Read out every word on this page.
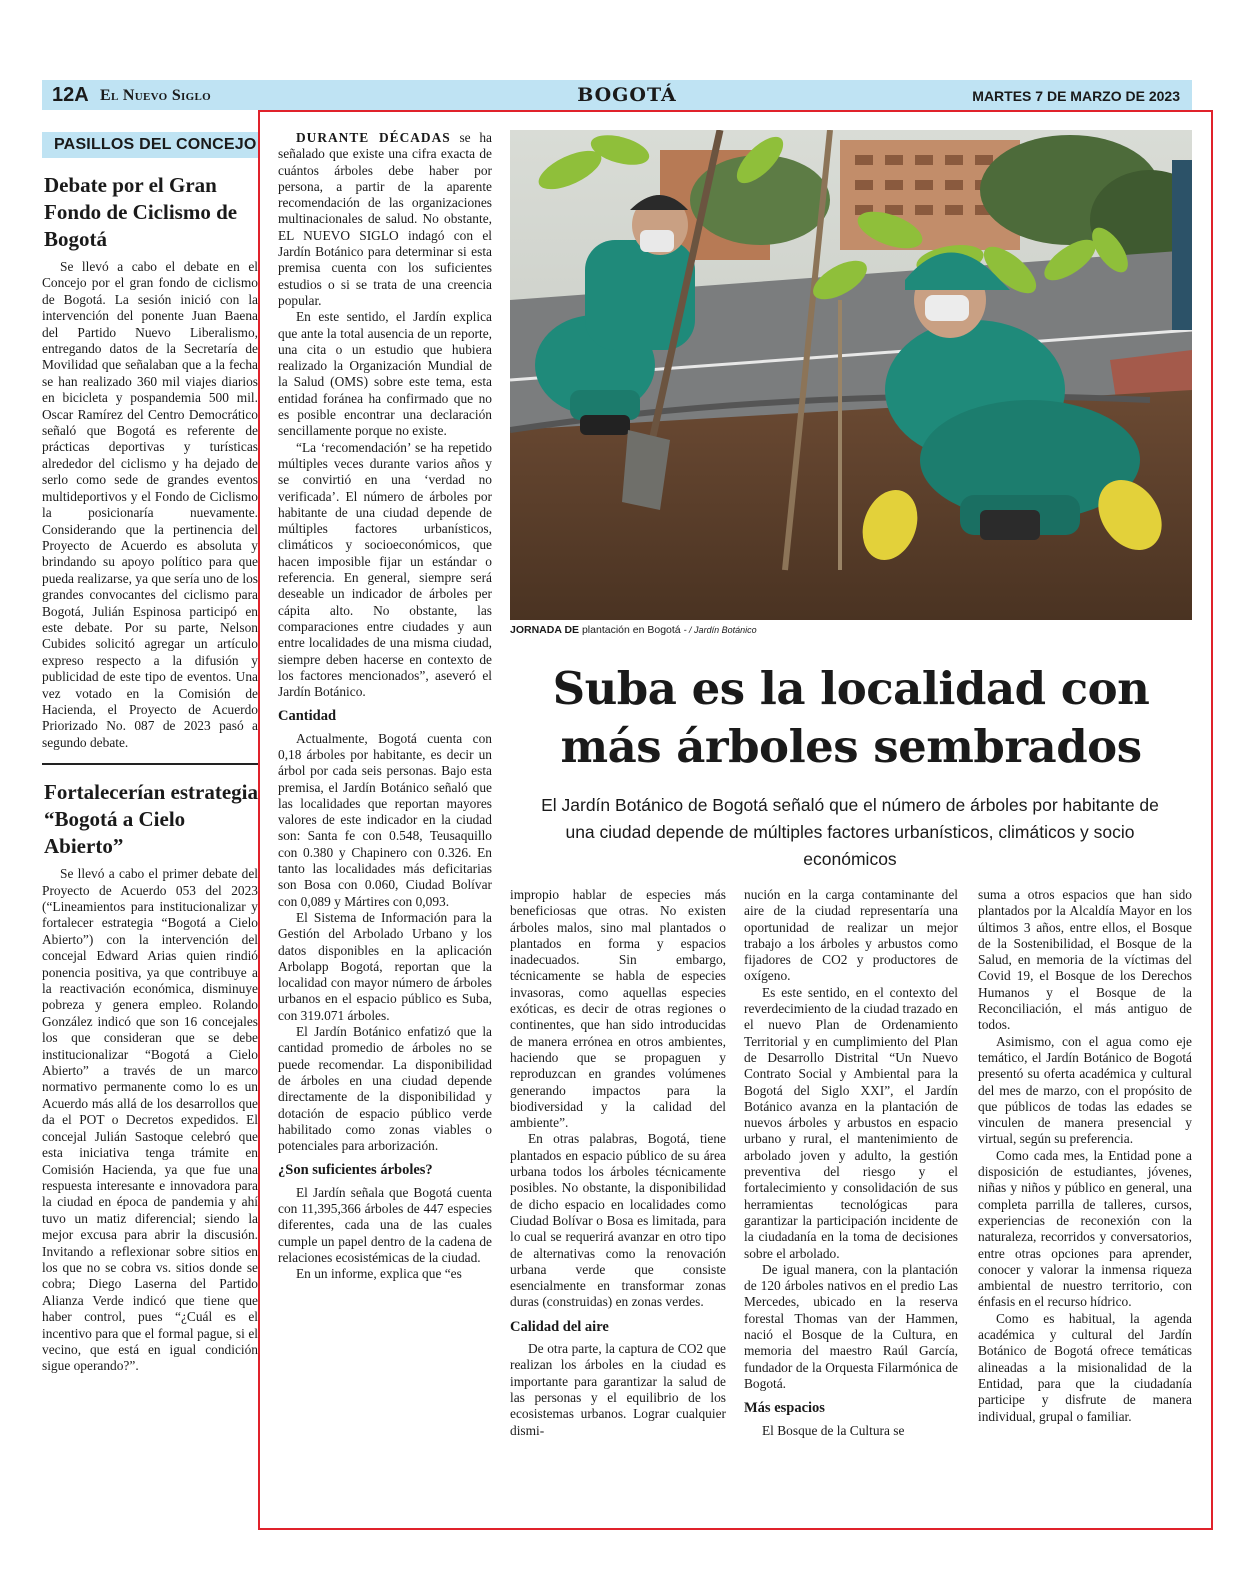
12A El Nuevo Siglo	BOGOTÁ	MARTES 7 DE MARZO DE 2023
PASILLOS DEL CONCEJO
Debate por el Gran Fondo de Ciclismo de Bogotá

Se llevó a cabo el debate en el Concejo por el gran fondo de ciclismo de Bogotá. La sesión inició con la intervención del ponente Juan Baena del Partido Nuevo Liberalismo, entregando datos de la Secretaría de Movilidad que señalaban que a la fecha se han realizado 360 mil viajes diarios en bicicleta y pospandemia 500 mil. Oscar Ramírez del Centro Democrático señaló que Bogotá es referente de prácticas deportivas y turísticas alrededor del ciclismo y ha dejado de serlo como sede de grandes eventos multideportivos y el Fondo de Ciclismo la posicionaría nuevamente. Considerando que la pertinencia del Proyecto de Acuerdo es absoluta y brindando su apoyo político para que pueda realizarse, ya que sería uno de los grandes convocantes del ciclismo para Bogotá, Julián Espinosa participó en este debate. Por su parte, Nelson Cubides solicitó agregar un artículo expreso respecto a la difusión y publicidad de este tipo de eventos. Una vez votado en la Comisión de Hacienda, el Proyecto de Acuerdo Priorizado No. 087 de 2023 pasó a segundo debate.

Fortalecerían estrategia “Bogotá a Cielo Abierto”

Se llevó a cabo el primer debate del Proyecto de Acuerdo 053 del 2023 (“Lineamientos para institucionalizar y fortalecer estrategia “Bogotá a Cielo Abierto”) con la intervención del concejal Edward Arias quien rindió ponencia positiva, ya que contribuye a la reactivación económica, disminuye pobreza y genera empleo. Rolando González indicó que son 16 concejales los que consideran que se debe institucionalizar “Bogotá a Cielo Abierto” a través de un marco normativo permanente como lo es un Acuerdo más allá de los desarrollos que da el POT o Decretos expedidos. El concejal Julián Sastoque celebró que esta iniciativa tenga trámite en Comisión Hacienda, ya que fue una respuesta interesante e innovadora para la ciudad en época de pandemia y ahí tuvo un matiz diferencial; siendo la mejor excusa para abrir la discusión. Invitando a reflexionar sobre sitios en los que no se cobra vs. sitios donde se cobra; Diego Laserna del Partido Alianza Verde indicó que tiene que haber control, pues “¿Cuál es el incentivo para que el formal pague, si el vecino, que está en igual condición sigue operando?”.

JORNADA DE plantación en Bogotá - / Jardín Botánico
Suba es la localidad con más árboles sembrados
El Jardín Botánico de Bogotá señaló que el número de árboles por habitante de una ciudad depende de múltiples factores urbanísticos, climáticos y socio económicos

DURANTE DÉCADAS se ha señalado que existe una cifra exacta de cuántos árboles debe haber por persona, a partir de la aparente recomendación de las organizaciones multinacionales de salud. No obstante, EL NUEVO SIGLO indagó con el Jardín Botánico para determinar si esta premisa cuenta con los suficientes estudios o si se trata de una creencia popular.

En este sentido, el Jardín explica que ante la total ausencia de un reporte, una cita o un estudio que hubiera realizado la Organización Mundial de la Salud (OMS) sobre este tema, esta entidad foránea ha confirmado que no es posible encontrar una declaración sencillamente porque no existe.

“La ‘recomendación’ se ha repetido múltiples veces durante varios años y se convirtió en una ‘verdad no verificada’. El número de árboles por habitante de una ciudad depende de múltiples factores urbanísticos, climáticos y socioeconómicos, que hacen imposible fijar un estándar o referencia. En general, siempre será deseable un indicador de árboles per cápita alto. No obstante, las comparaciones entre ciudades y aun entre localidades de una misma ciudad, siempre deben hacerse en contexto de los factores mencionados”, aseveró el Jardín Botánico.

Cantidad

Actualmente, Bogotá cuenta con 0,18 árboles por habitante, es decir un árbol por cada seis personas. Bajo esta premisa, el Jardín Botánico señaló que las localidades que reportan mayores valores de este indicador en la ciudad son: Santa fe con 0.548, Teusaquillo con 0.380 y Chapinero con 0.326. En tanto las localidades más deficitarias son Bosa con 0.060, Ciudad Bolívar con 0,089 y Mártires con 0,093.

El Sistema de Información para la Gestión del Arbolado Urbano y los datos disponibles en la aplicación Arbolapp Bogotá, reportan que la localidad con mayor número de árboles urbanos en el espacio público es Suba, con 319.071 árboles.

El Jardín Botánico enfatizó que la cantidad promedio de árboles no se puede recomendar. La disponibilidad de árboles en una ciudad depende directamente de la disponibilidad y dotación de espacio público verde habilitado como zonas viables o potenciales para arborización.

¿Son suficientes árboles?

El Jardín señala que Bogotá cuenta con 11,395,366 árboles de 447 especies diferentes, cada una de las cuales cumple un papel dentro de la cadena de relaciones ecosistémicas de la ciudad.

En un informe, explica que “es

impropio hablar de especies más beneficiosas que otras. No existen árboles malos, sino mal plantados o plantados en forma y espacios inadecuados. Sin embargo, técnicamente se habla de especies invasoras, como aquellas especies exóticas, es decir de otras regiones o continentes, que han sido introducidas de manera errónea en otros ambientes, haciendo que se propaguen y reproduzcan en grandes volúmenes generando impactos para la biodiversidad y la calidad del ambiente”.

En otras palabras, Bogotá, tiene plantados en espacio público de su área urbana todos los árboles técnicamente posibles. No obstante, la disponibilidad de dicho espacio en localidades como Ciudad Bolívar o Bosa es limitada, para lo cual se requerirá avanzar en otro tipo de alternativas como la renovación urbana verde que consiste esencialmente en transformar zonas duras (construidas) en zonas verdes.

Calidad del aire

De otra parte, la captura de CO2 que realizan los árboles en la ciudad es importante para garantizar la salud de las personas y el equilibrio de los ecosistemas urbanos. Lograr cualquier dismi-

nución en la carga contaminante del aire de la ciudad representaría una oportunidad de realizar un mejor trabajo a los árboles y arbustos como fijadores de CO2 y productores de oxígeno.

Es este sentido, en el contexto del reverdecimiento de la ciudad trazado en el nuevo Plan de Ordenamiento Territorial y en cumplimiento del Plan de Desarrollo Distrital “Un Nuevo Contrato Social y Ambiental para la Bogotá del Siglo XXI”, el Jardín Botánico avanza en la plantación de nuevos árboles y arbustos en espacio urbano y rural, el mantenimiento de arbolado joven y adulto, la gestión preventiva del riesgo y el fortalecimiento y consolidación de sus herramientas tecnológicas para garantizar la participación incidente de la ciudadanía en la toma de decisiones sobre el arbolado.

De igual manera, con la plantación de 120 árboles nativos en el predio Las Mercedes, ubicado en la reserva forestal Thomas van der Hammen, nació el Bosque de la Cultura, en memoria del maestro Raúl García, fundador de la Orquesta Filarmónica de Bogotá.

Más espacios

El Bosque de la Cultura se

suma a otros espacios que han sido plantados por la Alcaldía Mayor en los últimos 3 años, entre ellos, el Bosque de la Sostenibilidad, el Bosque de la Salud, en memoria de la víctimas del Covid 19, el Bosque de los Derechos Humanos y el Bosque de la Reconciliación, el más antiguo de todos.

Asimismo, con el agua como eje temático, el Jardín Botánico de Bogotá presentó su oferta académica y cultural del mes de marzo, con el propósito de que públicos de todas las edades se vinculen de manera presencial y virtual, según su preferencia.

Como cada mes, la Entidad pone a disposición de estudiantes, jóvenes, niñas y niños y público en general, una completa parrilla de talleres, cursos, experiencias de reconexión con la naturaleza, recorridos y conversatorios, entre otras opciones para aprender, conocer y valorar la inmensa riqueza ambiental de nuestro territorio, con énfasis en el recurso hídrico.

Como es habitual, la agenda académica y cultural del Jardín Botánico de Bogotá ofrece temáticas alineadas a la misionalidad de la Entidad, para que la ciudadanía participe y disfrute de manera individual, grupal o familiar.
